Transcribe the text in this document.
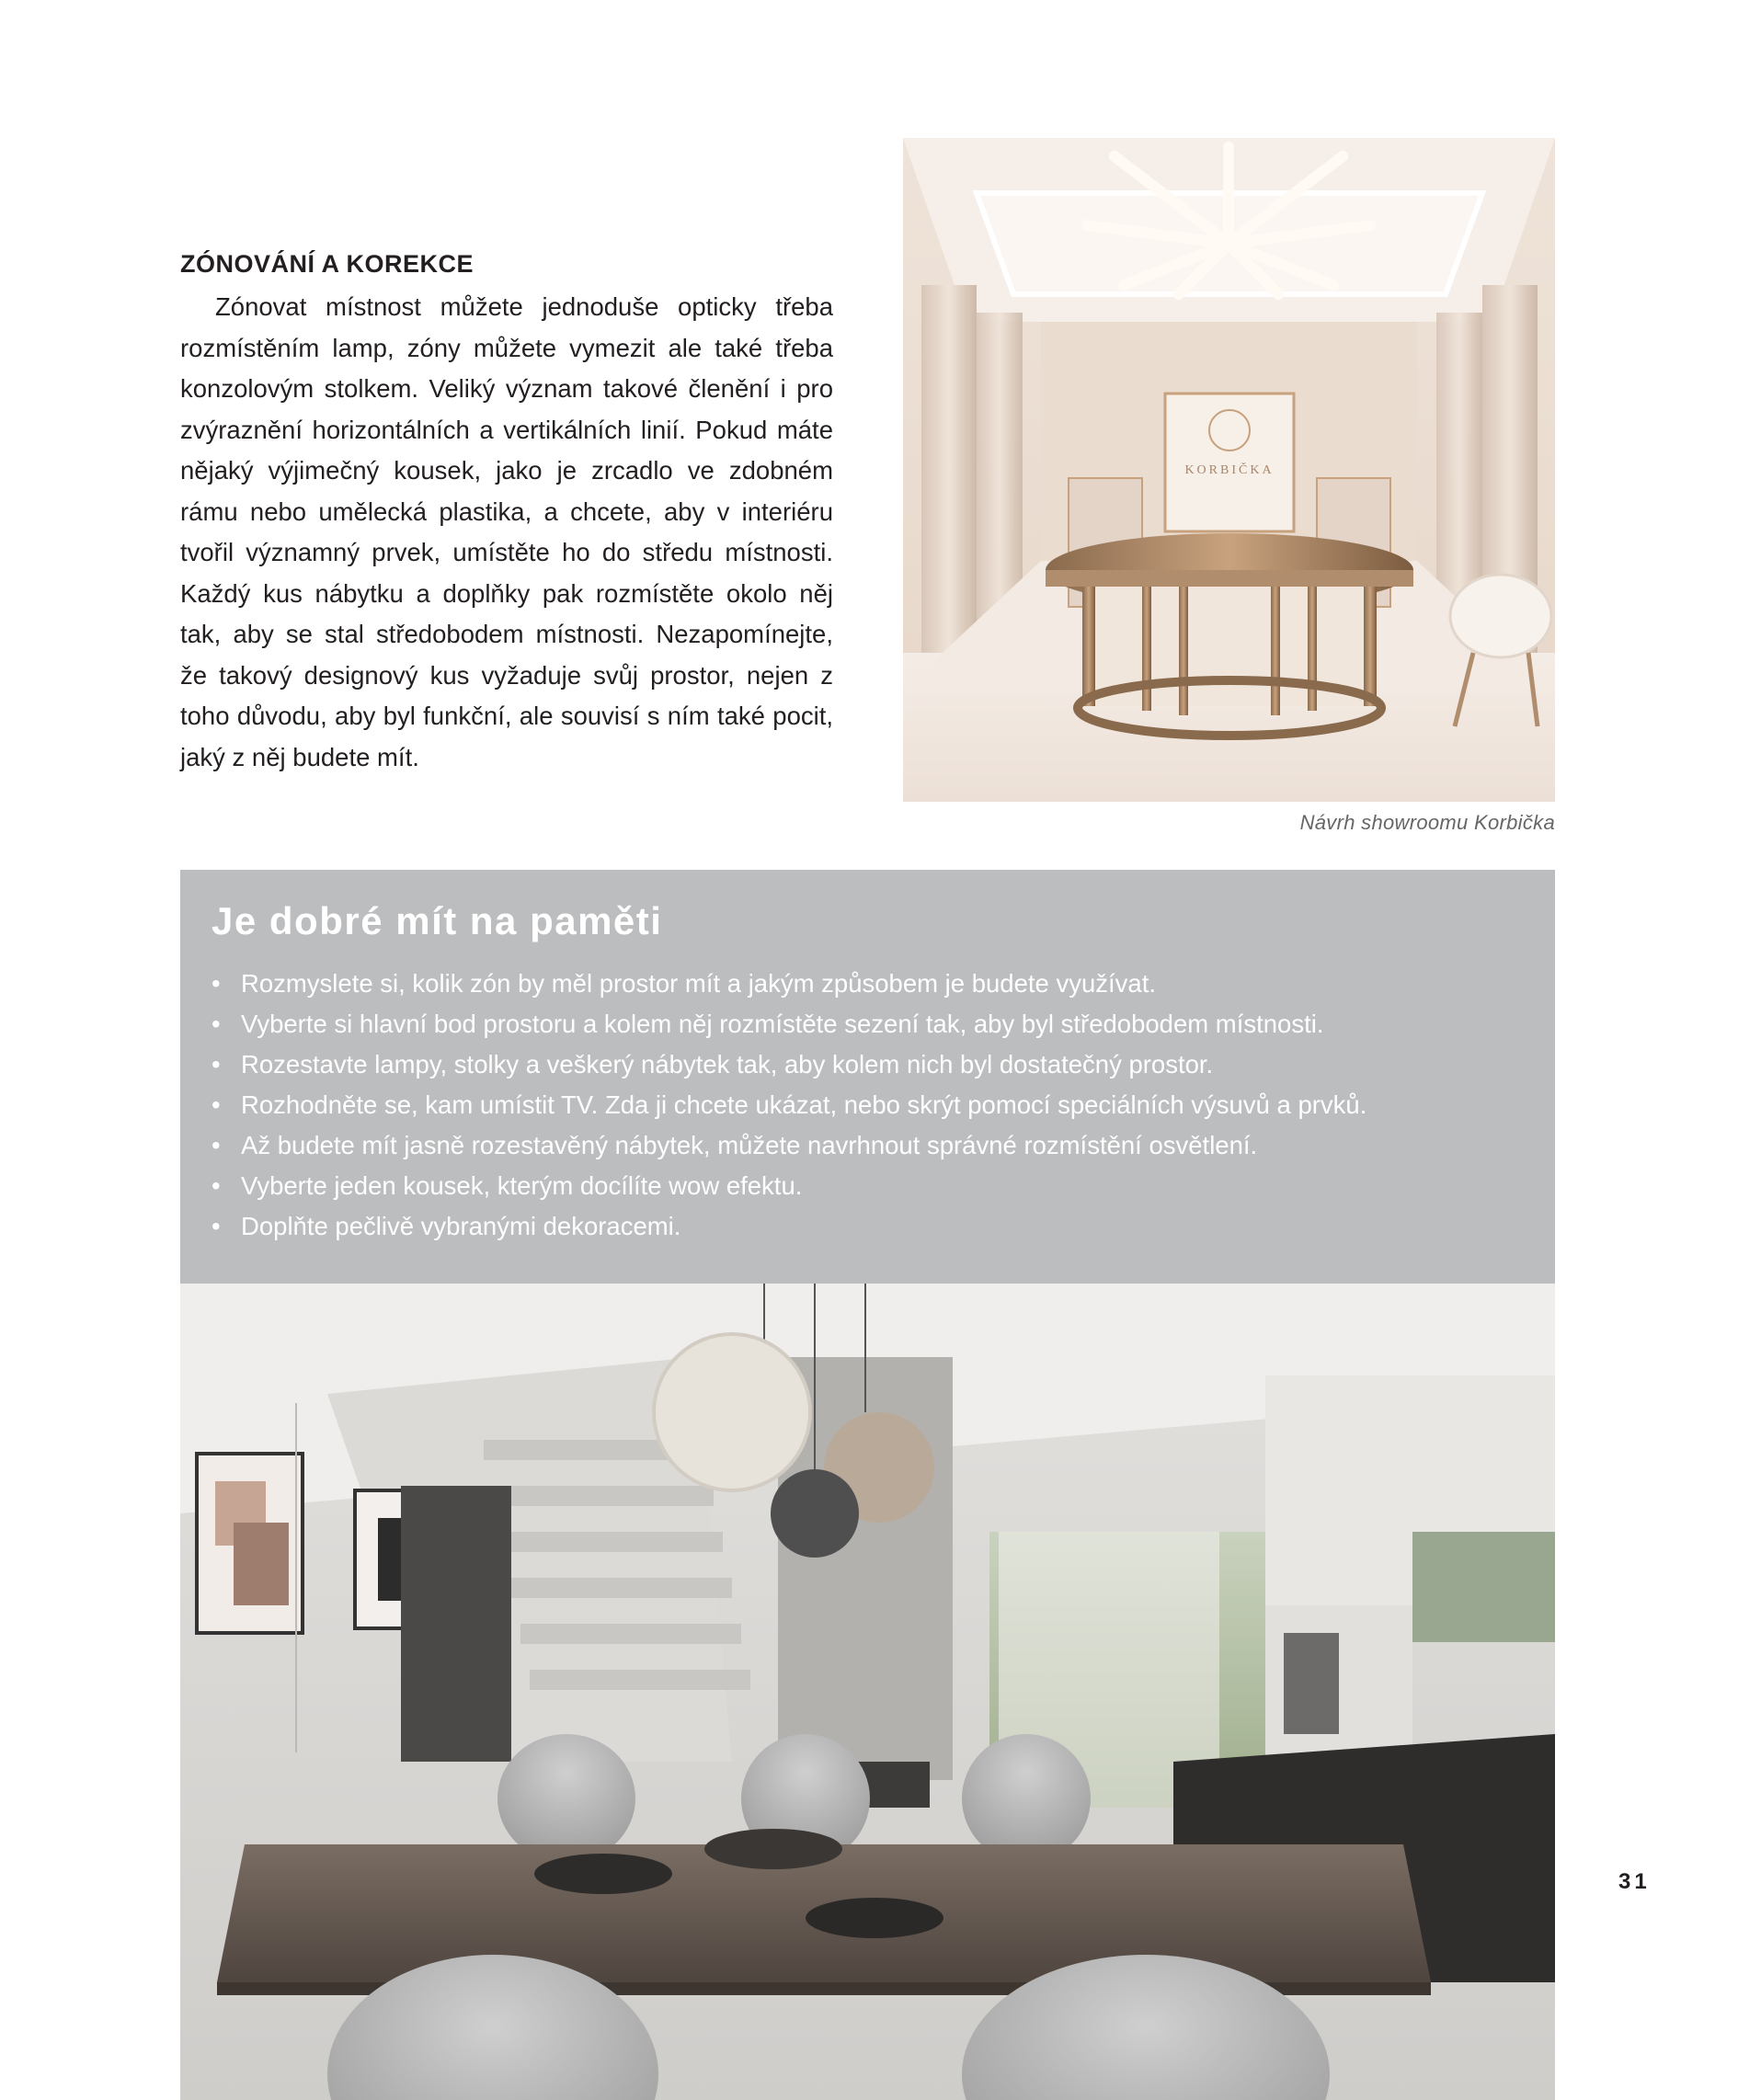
ZÓNOVÁNÍ A KOREKCE

Zónovat místnost můžete jednoduše opticky třeba rozmístěním lamp, zóny můžete vymezit ale také třeba konzolovým stolkem. Veliký význam takové členění i pro zvýraznění horizontálních a vertikálních linií. Pokud máte nějaký výjimečný kousek, jako je zrcadlo ve zdobném rámu nebo umělecká plastika, a chcete, aby v interiéru tvořil významný prvek, umístěte ho do středu místnosti. Každý kus nábytku a doplňky pak rozmístěte okolo něj tak, aby se stal středobodem místnosti. Nezapomínejte, že takový designový kus vyžaduje svůj prostor, nejen z toho důvodu, aby byl funkční, ale souvisí s ním také pocit, jaký z něj budete mít.

KORBIČKA
Návrh showroomu Korbička
Je dobré mít na paměti
• Rozmyslete si, kolik zón by měl prostor mít a jakým způsobem je budete využívat.
• Vyberte si hlavní bod prostoru a kolem něj rozmístěte sezení tak, aby byl středobodem místnosti.
• Rozestavte lampy, stolky a veškerý nábytek tak, aby kolem nich byl dostatečný prostor.
• Rozhodněte se, kam umístit TV. Zda ji chcete ukázat, nebo skrýt pomocí speciálních výsuvů a prvků.
• Až budete mít jasně rozestavěný nábytek, můžete navrhnout správné rozmístění osvětlení.
• Vyberte jeden kousek, kterým docílíte wow efektu.
• Doplňte pečlivě vybranými dekoracemi.
31
